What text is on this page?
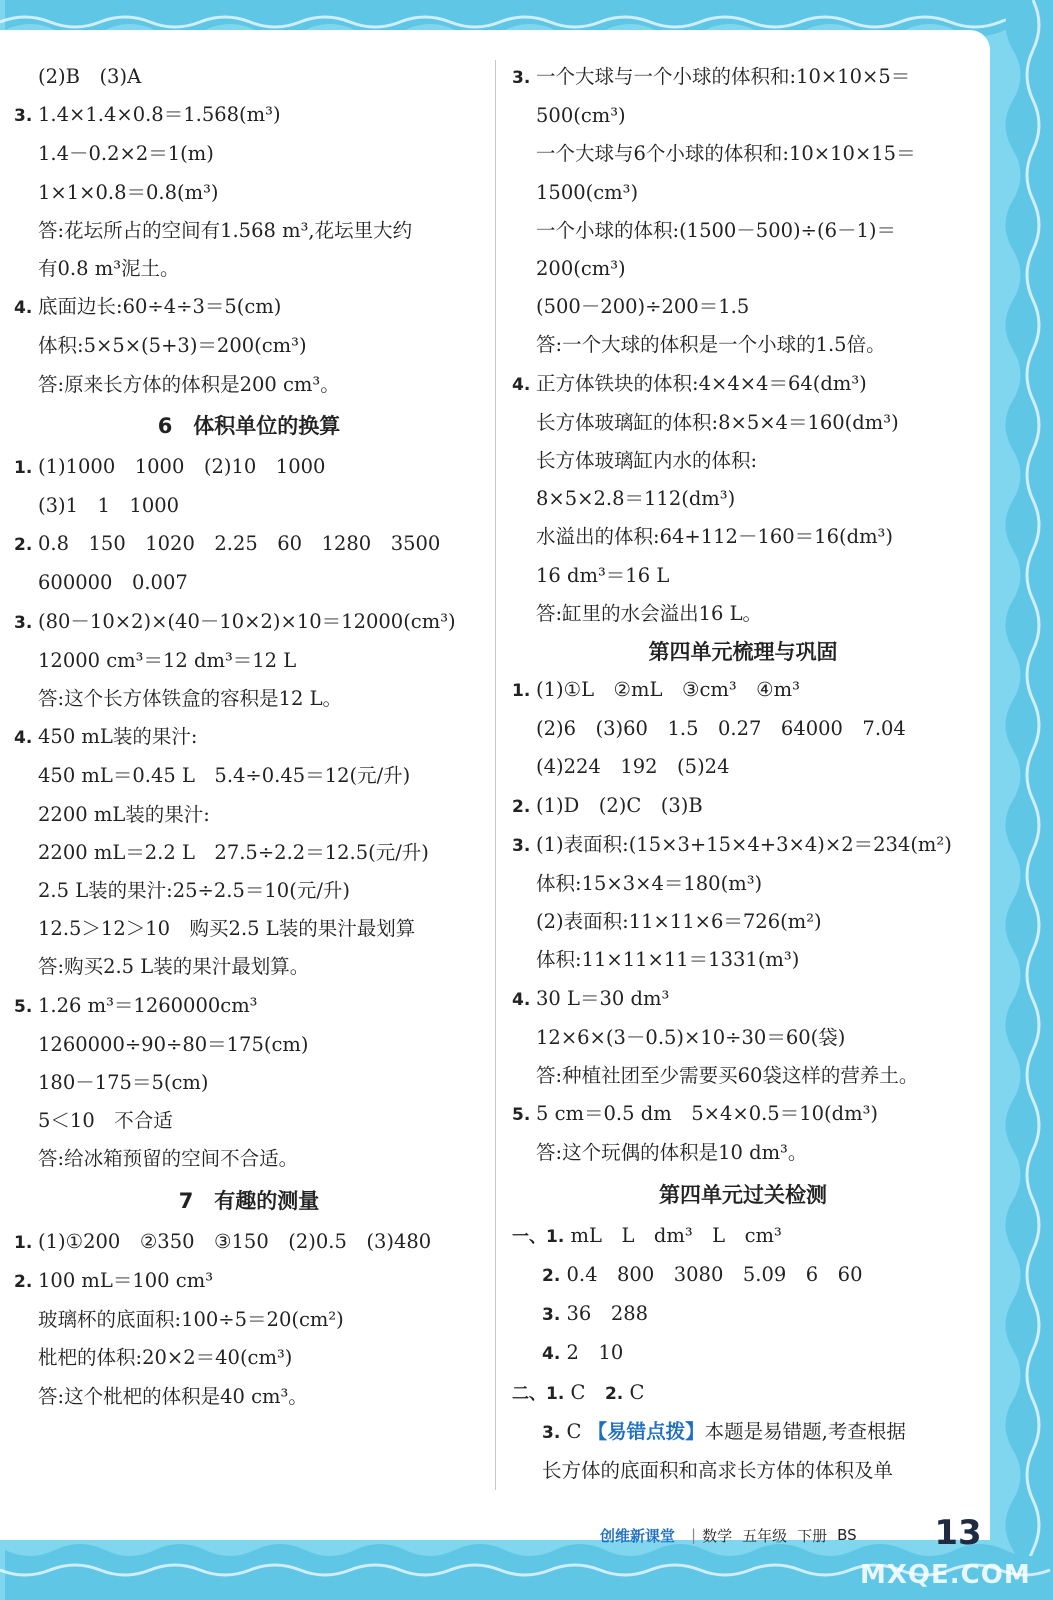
(2)B　(3)A
3. 1.4×1.4×0.8＝1.568(m³)
1.4－0.2×2＝1(m)
1×1×0.8＝0.8(m³)
答:花坛所占的空间有1.568 m³,花坛里大约
有0.8 m³泥土。
4. 底面边长:60÷4÷3＝5(cm)
体积:5×5×(5+3)＝200(cm³)
答:原来长方体的体积是200 cm³。
6　体积单位的换算
1. (1)1000　1000　(2)10　1000
(3)1　1　1000
2. 0.8　150　1020　2.25　60　1280　3500
600000　0.007
3. (80－10×2)×(40－10×2)×10＝12000(cm³)
12000 cm³＝12 dm³＝12 L
答:这个长方体铁盒的容积是12 L。
4. 450 mL装的果汁:
450 mL＝0.45 L　5.4÷0.45＝12(元/升)
2200 mL装的果汁:
2200 mL＝2.2 L　27.5÷2.2＝12.5(元/升)
2.5 L装的果汁:25÷2.5＝10(元/升)
12.5＞12＞10　购买2.5 L装的果汁最划算
答:购买2.5 L装的果汁最划算。
5. 1.26 m³＝1260000cm³
1260000÷90÷80＝175(cm)
180－175＝5(cm)
5＜10　不合适
答:给冰箱预留的空间不合适。
7　有趣的测量
1. (1)①200　②350　③150　(2)0.5　(3)480
2. 100 mL＝100 cm³
玻璃杯的底面积:100÷5＝20(cm²)
枇杷的体积:20×2＝40(cm³)
答:这个枇杷的体积是40 cm³。
3. 一个大球与一个小球的体积和:10×10×5＝
500(cm³)
一个大球与6个小球的体积和:10×10×15＝
1500(cm³)
一个小球的体积:(1500－500)÷(6－1)＝
200(cm³)
(500－200)÷200＝1.5
答:一个大球的体积是一个小球的1.5倍。
4. 正方体铁块的体积:4×4×4＝64(dm³)
长方体玻璃缸的体积:8×5×4＝160(dm³)
长方体玻璃缸内水的体积:
8×5×2.8＝112(dm³)
水溢出的体积:64+112－160＝16(dm³)
16 dm³＝16 L
答:缸里的水会溢出16 L。
第四单元梳理与巩固
1. (1)①L　②mL　③cm³　④m³
(2)6　(3)60　1.5　0.27　64000　7.04
(4)224　192　(5)24
2. (1)D　(2)C　(3)B
3. (1)表面积:(15×3+15×4+3×4)×2＝234(m²)
体积:15×3×4＝180(m³)
(2)表面积:11×11×6＝726(m²)
体积:11×11×11＝1331(m³)
4. 30 L＝30 dm³
12×6×(3－0.5)×10÷30＝60(袋)
答:种植社团至少需要买60袋这样的营养土。
5. 5 cm＝0.5 dm　5×4×0.5＝10(dm³)
答:这个玩偶的体积是10 dm³。
第四单元过关检测
一、1. mL　L　dm³　L　cm³
2. 0.4　800　3080　5.09　6　60
3. 36　288
4. 2　10
二、1. C　 2. C
3. C 【易错点拨】本题是易错题,考查根据
长方体的底面积和高求长方体的体积及单
创维新课堂 | 数学 五年级 下册 BS 13
MXQE.COM
